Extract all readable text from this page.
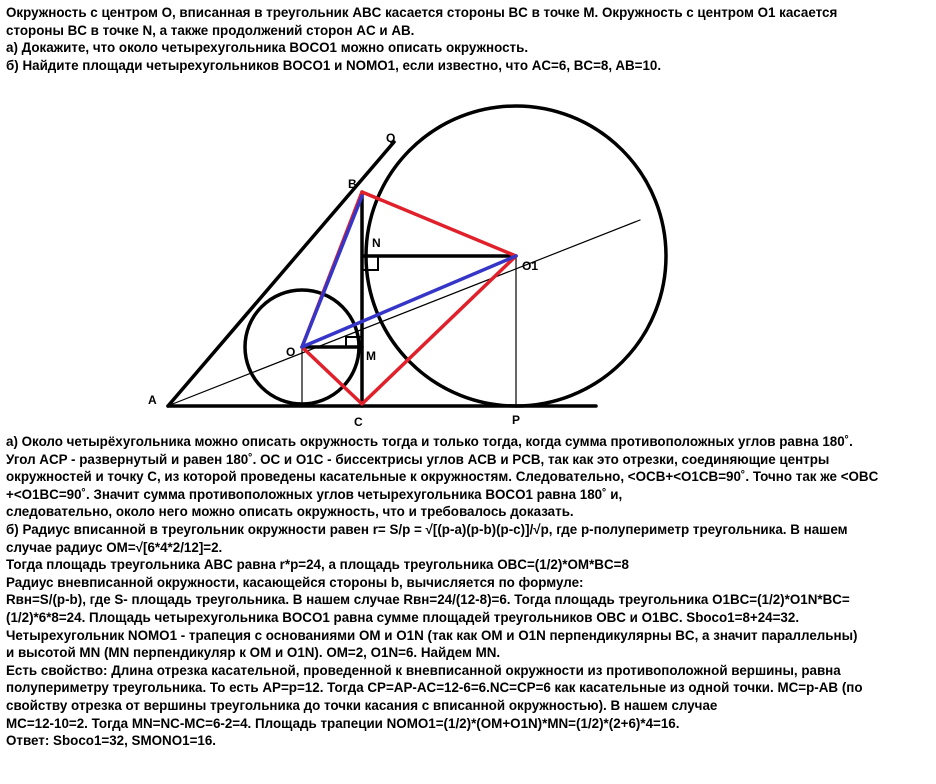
Окружность с центром О, вписанная в треугольник ABC касается стороны BC в точке M. Окружность с центром O1 касается
стороны BC в точке N, а также продолжений сторон AC и AB.
а) Докажите, что около четырехугольника BOCO1 можно описать окружность.
б) Найдите площади четырехугольников BOCO1 и NOMO1, если известно, что AC=6, BC=8, AB=10.
A
B
C
Q
N
O
O1
M
P
а) Около четырёхугольника можно описать окружность тогда и только тогда, когда сумма противоположных углов равна 180˚.
Угол ACP - развернутый и равен 180˚. OC и O1C - биссектрисы углов ACB и PCB, так как это отрезки, соединяющие центры
окружностей и точку С, из которой проведены касательные к окружностям. Следовательно, <OCB+<O1CB=90˚. Точно так же <OBC
+<O1BC=90˚. Значит сумма противоположных углов четырехугольника BOCO1 равна 180˚ и,
следовательно, около него можно описать окружность, что и требовалось доказать.
б) Радиус вписанной в треугольник окружности равен r= S/p = √[(p-a)(p-b)(p-c)]/√p, где р-полупериметр треугольника. В нашем
случае радиус OM=√[6*4*2/12]=2.
Тогда площадь треугольника ABC равна r*p=24, а площадь треугольника OBC=(1/2)*OM*BC=8
Радиус вневписанной окружности, касающейся стороны b, вычисляется по формуле:
Rвн=S/(p-b), где S- площадь треугольника. В нашем случае Rвн=24/(12-8)=6. Тогда площадь треугольника O1BC=(1/2)*O1N*BC=
(1/2)*6*8=24. Площадь четырехугольника BOCO1 равна сумме площадей треугольников OBC и O1BC. Sboco1=8+24=32.
Четырехугольник NOMO1 - трапеция с основаниями OM и O1N (так как OM и O1N перпендикулярны BC, а значит параллельны)
и высотой MN (MN перпендикуляр к OM и O1N). OM=2, O1N=6. Найдем MN.
Есть свойство: Длина отрезка касательной, проведенной к вневписанной окружности из противоположной вершины, равна
полупериметру треугольника. То есть AP=p=12. Тогда CP=AP-AC=12-6=6.NC=CP=6 как касательные из одной точки. MC=p-AB (по
свойству отрезка от вершины треугольника до точки касания с вписанной окружностью). В нашем случае
MC=12-10=2. Тогда MN=NC-MC=6-2=4. Площадь трапеции NOMO1=(1/2)*(OM+O1N)*MN=(1/2)*(2+6)*4=16.
Ответ: Sboco1=32, SMONO1=16.
